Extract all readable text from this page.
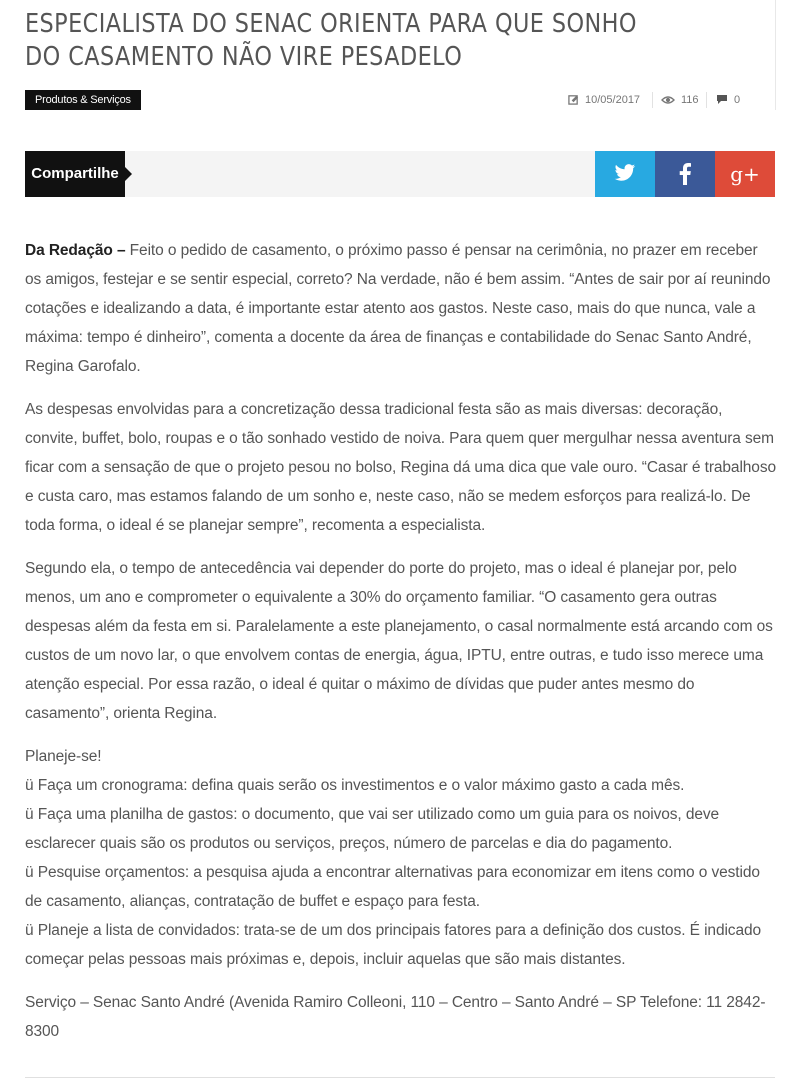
ESPECIALISTA DO SENAC ORIENTA PARA QUE SONHO DO CASAMENTO NÃO VIRE PESADELO
Produtos & Serviços	10/05/2017	116	0
Compartilhe	g+

Da Redação – Feito o pedido de casamento, o próximo passo é pensar na cerimônia, no prazer em receber os amigos, festejar e se sentir especial, correto? Na verdade, não é bem assim. “Antes de sair por aí reunindo cotações e idealizando a data, é importante estar atento aos gastos. Neste caso, mais do que nunca, vale a máxima: tempo é dinheiro”, comenta a docente da área de finanças e contabilidade do Senac Santo André, Regina Garofalo.

As despesas envolvidas para a concretização dessa tradicional festa são as mais diversas: decoração, convite, buffet, bolo, roupas e o tão sonhado vestido de noiva. Para quem quer mergulhar nessa aventura sem ficar com a sensação de que o projeto pesou no bolso, Regina dá uma dica que vale ouro. “Casar é trabalhoso e custa caro, mas estamos falando de um sonho e, neste caso, não se medem esforços para realizá-lo. De toda forma, o ideal é se planejar sempre”, recomenta a especialista.

Segundo ela, o tempo de antecedência vai depender do porte do projeto, mas o ideal é planejar por, pelo menos, um ano e comprometer o equivalente a 30% do orçamento familiar. “O casamento gera outras despesas além da festa em si. Paralelamente a este planejamento, o casal normalmente está arcando com os custos de um novo lar, o que envolvem contas de energia, água, IPTU, entre outras, e tudo isso merece uma atenção especial. Por essa razão, o ideal é quitar o máximo de dívidas que puder antes mesmo do casamento”, orienta Regina.

Planeje-se!
ü Faça um cronograma: defina quais serão os investimentos e o valor máximo gasto a cada mês.
ü Faça uma planilha de gastos: o documento, que vai ser utilizado como um guia para os noivos, deve esclarecer quais são os produtos ou serviços, preços, número de parcelas e dia do pagamento.
ü Pesquise orçamentos: a pesquisa ajuda a encontrar alternativas para economizar em itens como o vestido de casamento, alianças, contratação de buffet e espaço para festa.
ü Planeje a lista de convidados: trata-se de um dos principais fatores para a definição dos custos. É indicado começar pelas pessoas mais próximas e, depois, incluir aquelas que são mais distantes.

Serviço – Senac Santo André (Avenida Ramiro Colleoni, 110 – Centro – Santo André – SP Telefone: 11 2842-8300
